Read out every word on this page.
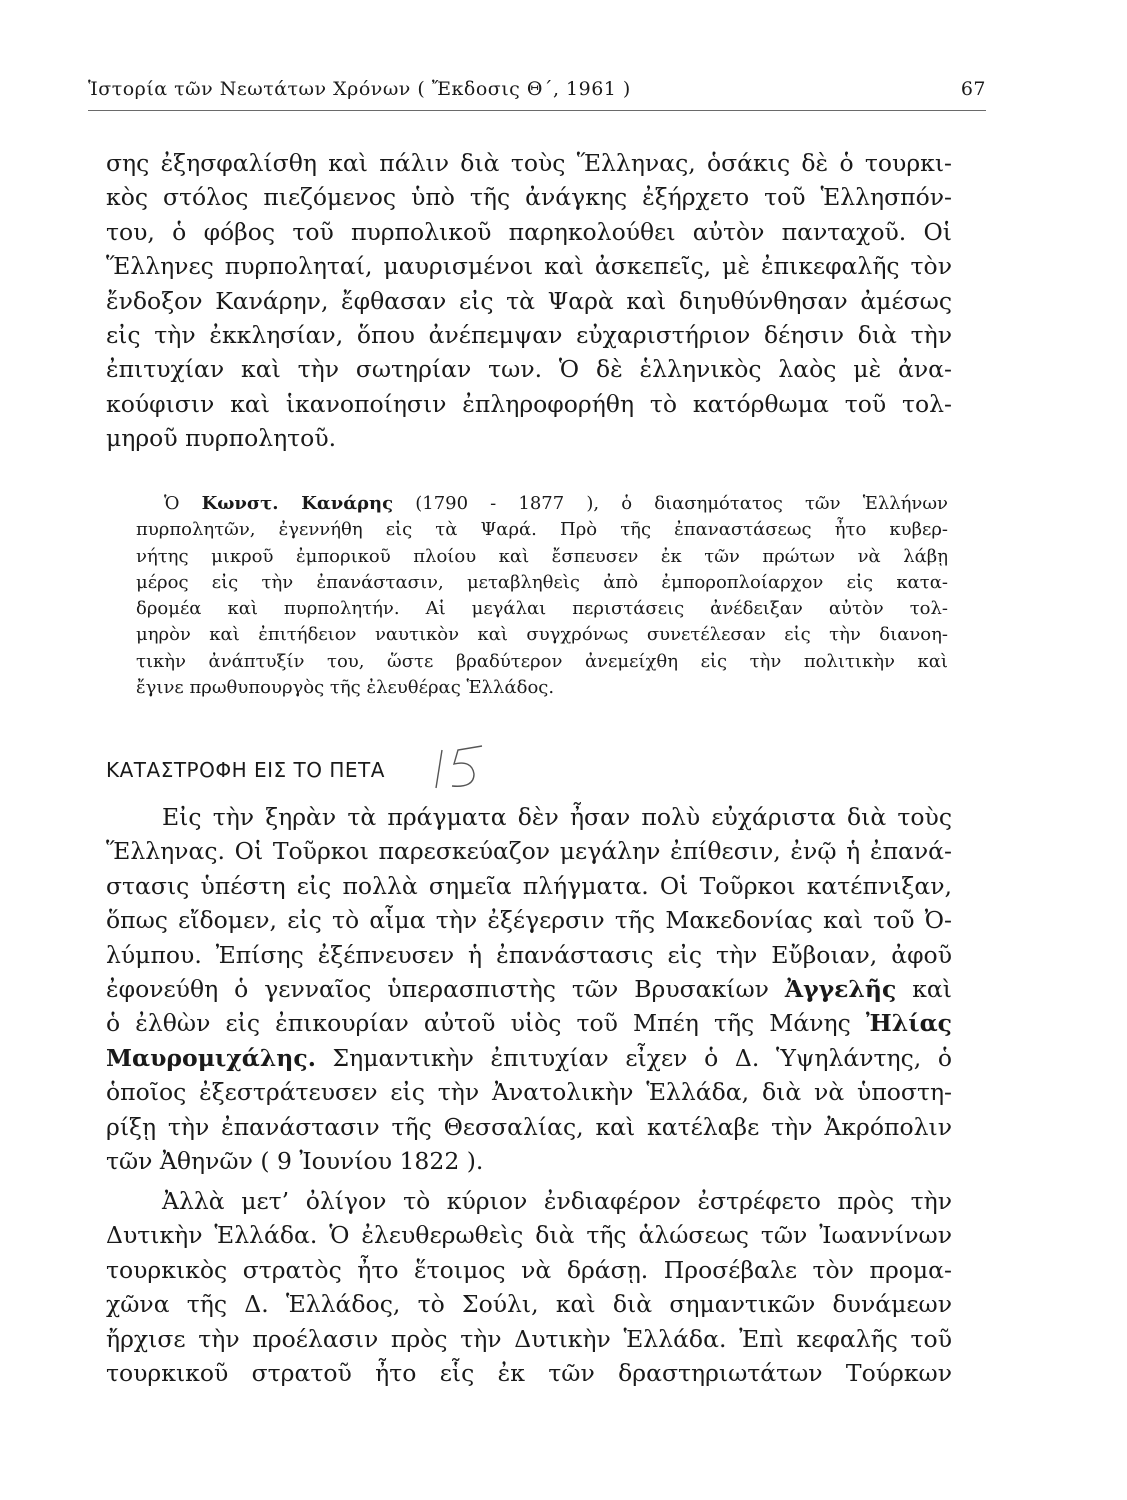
Ἱστορία τῶν Νεωτάτων Χρόνων ( Ἔκδοσις Θ΄, 1961 )	67
σης ἐξησφαλίσθη καὶ πάλιν διὰ τοὺς Ἕλληνας, ὁσάκις δὲ ὁ τουρκι-
κὸς στόλος πιεζόμενος ὑπὸ τῆς ἀνάγκης ἐξήρχετο τοῦ Ἑλλησπόν-
του, ὁ φόβος τοῦ πυρπολικοῦ παρηκολούθει αὐτὸν πανταχοῦ. Οἱ
Ἕλληνες πυρποληταί, μαυρισμένοι καὶ ἀσκεπεῖς, μὲ ἐπικεφαλῆς τὸν
ἔνδοξον Κανάρην, ἔφθασαν εἰς τὰ Ψαρὰ καὶ διηυθύνθησαν ἀμέσως
εἰς τὴν ἐκκλησίαν, ὅπου ἀνέπεμψαν εὐχαριστήριον δέησιν διὰ τὴν
ἐπιτυχίαν καὶ τὴν σωτηρίαν των. Ὁ δὲ ἑλληνικὸς λαὸς μὲ ἀνα-
κούφισιν καὶ ἱκανοποίησιν ἐπληροφορήθη τὸ κατόρθωμα τοῦ τολ-
μηροῦ πυρπολητοῦ.
Ὁ Κωνστ. Κανάρης (1790 - 1877 ), ὁ διασημότατος τῶν Ἑλλήνων
πυρπολητῶν, ἐγεννήθη εἰς τὰ Ψαρά. Πρὸ τῆς ἐπαναστάσεως ἦτο κυβερ-
νήτης μικροῦ ἐμπορικοῦ πλοίου καὶ ἔσπευσεν ἐκ τῶν πρώτων νὰ λάβῃ
μέρος εἰς τὴν ἐπανάστασιν, μεταβληθεὶς ἀπὸ ἐμποροπλοίαρχον εἰς κατα-
δρομέα καὶ πυρπολητήν. Αἱ μεγάλαι περιστάσεις ἀνέδειξαν αὐτὸν τολ-
μηρὸν καὶ ἐπιτήδειον ναυτικὸν καὶ συγχρόνως συνετέλεσαν εἰς τὴν διανοη-
τικὴν ἀνάπτυξίν του, ὥστε βραδύτερον ἀνεμείχθη εἰς τὴν πολιτικὴν καὶ
ἔγινε πρωθυπουργὸς τῆς ἐλευθέρας Ἑλλάδος.
ΚΑΤΑΣΤΡΟΦΗ ΕΙΣ ΤΟ ΠΕΤΑ
Εἰς τὴν ξηρὰν τὰ πράγματα δὲν ἦσαν πολὺ εὐχάριστα διὰ τοὺς
Ἕλληνας. Οἱ Τοῦρκοι παρεσκεύαζον μεγάλην ἐπίθεσιν, ἐνῷ ἡ ἐπανά-
στασις ὑπέστη εἰς πολλὰ σημεῖα πλήγματα. Οἱ Τοῦρκοι κατέπνιξαν,
ὅπως εἴδομεν, εἰς τὸ αἷμα τὴν ἐξέγερσιν τῆς Μακεδονίας καὶ τοῦ Ὀ-
λύμπου. Ἐπίσης ἐξέπνευσεν ἡ ἐπανάστασις εἰς τὴν Εὔβοιαν, ἀφοῦ
ἐφονεύθη ὁ γενναῖος ὑπερασπιστὴς τῶν Βρυσακίων Ἀγγελῆς καὶ
ὁ ἐλθὼν εἰς ἐπικουρίαν αὐτοῦ υἱὸς τοῦ Μπέη τῆς Μάνης Ἠλίας
Μαυρομιχάλης. Σημαντικὴν ἐπιτυχίαν εἶχεν ὁ Δ. Ὑψηλάντης, ὁ
ὁποῖος ἐξεστράτευσεν εἰς τὴν Ἀνατολικὴν Ἑλλάδα, διὰ νὰ ὑποστη-
ρίξῃ τὴν ἐπανάστασιν τῆς Θεσσαλίας, καὶ κατέλαβε τὴν Ἀκρόπολιν
τῶν Ἀθηνῶν ( 9 Ἰουνίου 1822 ).
Ἀλλὰ μετ’ ὀλίγον τὸ κύριον ἐνδιαφέρον ἐστρέφετο πρὸς τὴν
Δυτικὴν Ἑλλάδα. Ὁ ἐλευθερωθεὶς διὰ τῆς ἁλώσεως τῶν Ἰωαννίνων
τουρκικὸς στρατὸς ἦτο ἕτοιμος νὰ δράσῃ. Προσέβαλε τὸν προμα-
χῶνα τῆς Δ. Ἑλλάδος, τὸ Σούλι, καὶ διὰ σημαντικῶν δυνάμεων
ἤρχισε τὴν προέλασιν πρὸς τὴν Δυτικὴν Ἑλλάδα. Ἐπὶ κεφαλῆς τοῦ
τουρκικοῦ στρατοῦ ἦτο εἷς ἐκ τῶν δραστηριωτάτων Τούρκων
